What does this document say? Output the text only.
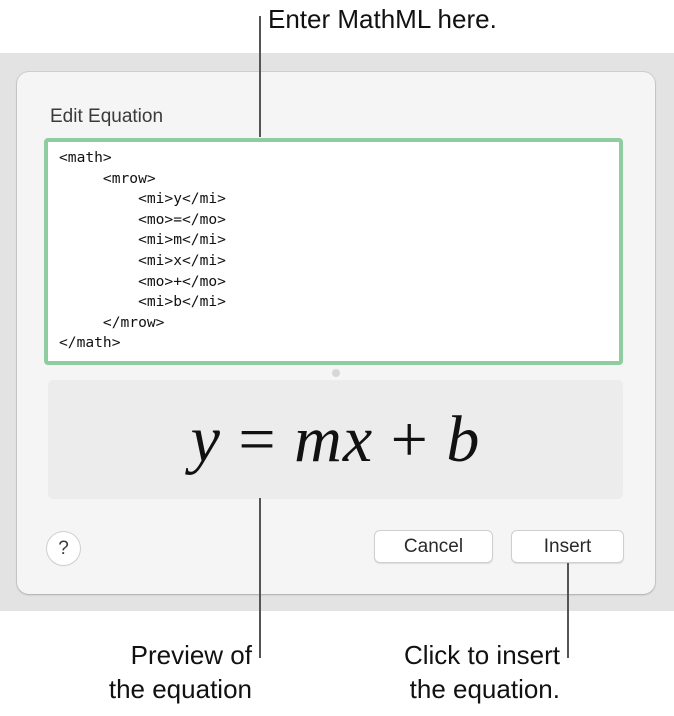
Edit Equation
<math> <mrow> <mi>y</mi> <mo>=</mo> <mi>m</mi> <mi>x</mi> <mo>+</mo> <mi>b</mi> </mrow> </math>
y = mx + b
?	Cancel	Insert
Enter MathML here.
Preview of
the equation
Click to insert
the equation.
